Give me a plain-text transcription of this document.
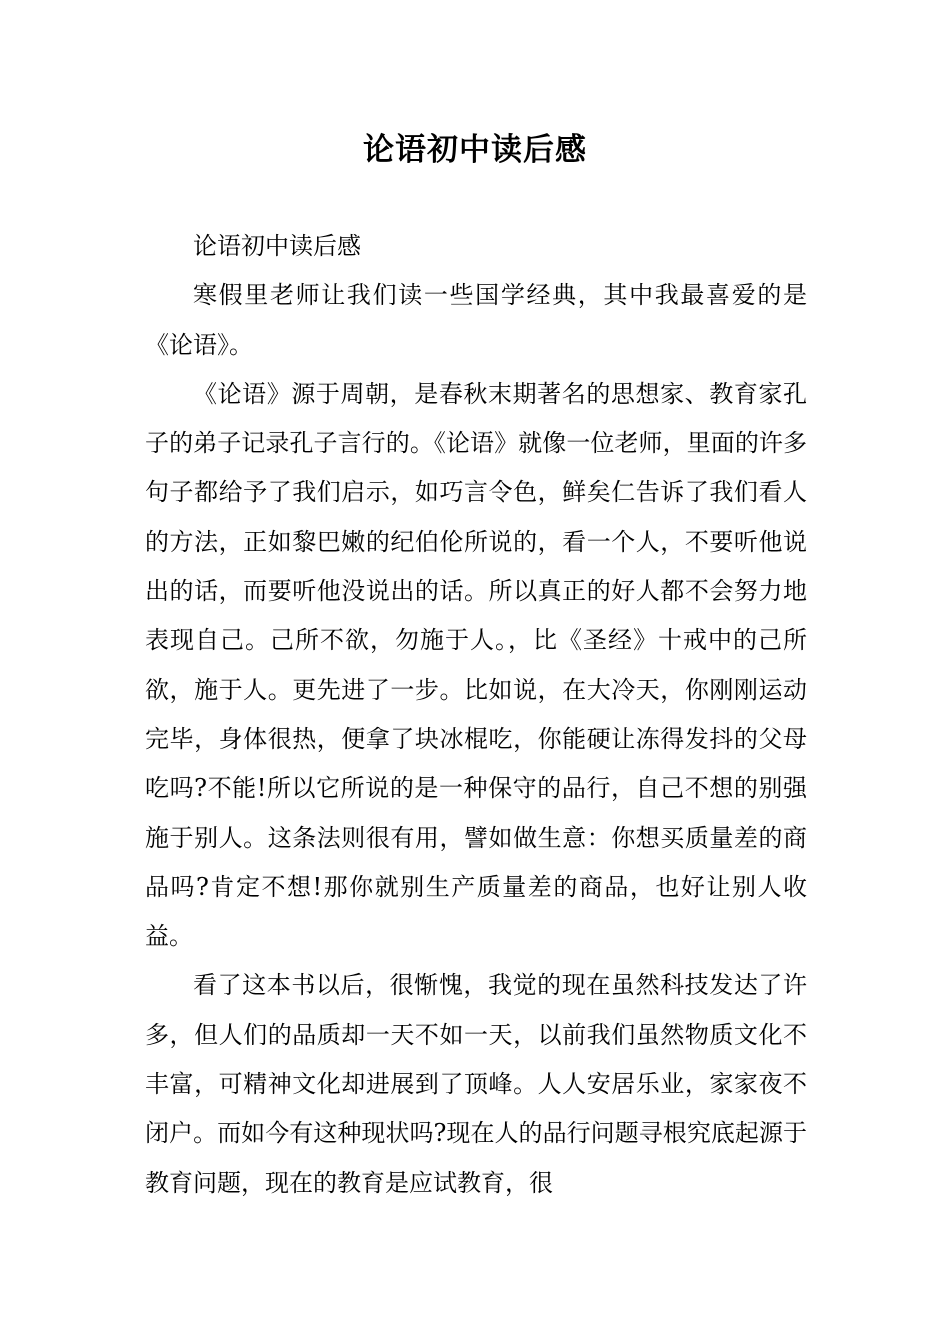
论语初中读后感

论语初中读后感

寒假里老师让我们读一些国学经典，其中我最喜爱的是《论语》。

《论语》源于周朝，是春秋末期著名的思想家、教育家孔子的弟子记录孔子言行的。《论语》就像一位老师，里面的许多句子都给予了我们启示，如巧言令色，鲜矣仁告诉了我们看人的方法，正如黎巴嫩的纪伯伦所说的，看一个人，不要听他说出的话，而要听他没说出的话。所以真正的好人都不会努力地表现自己。己所不欲，勿施于人。，比《圣经》十戒中的己所欲，施于人。更先进了一步。比如说，在大冷天，你刚刚运动完毕，身体很热，便拿了块冰棍吃，你能硬让冻得发抖的父母吃吗?不能!所以它所说的是一种保守的品行，自己不想的别强施于别人。这条法则很有用，譬如做生意：你想买质量差的商品吗?肯定不想!那你就别生产质量差的商品，也好让别人收益。

看了这本书以后，很惭愧，我觉的现在虽然科技发达了许多，但人们的品质却一天不如一天，以前我们虽然物质文化不丰富，可精神文化却进展到了顶峰。人人安居乐业，家家夜不闭户。而如今有这种现状吗?现在人的品行问题寻根究底起源于教育问题，现在的教育是应试教育，很
